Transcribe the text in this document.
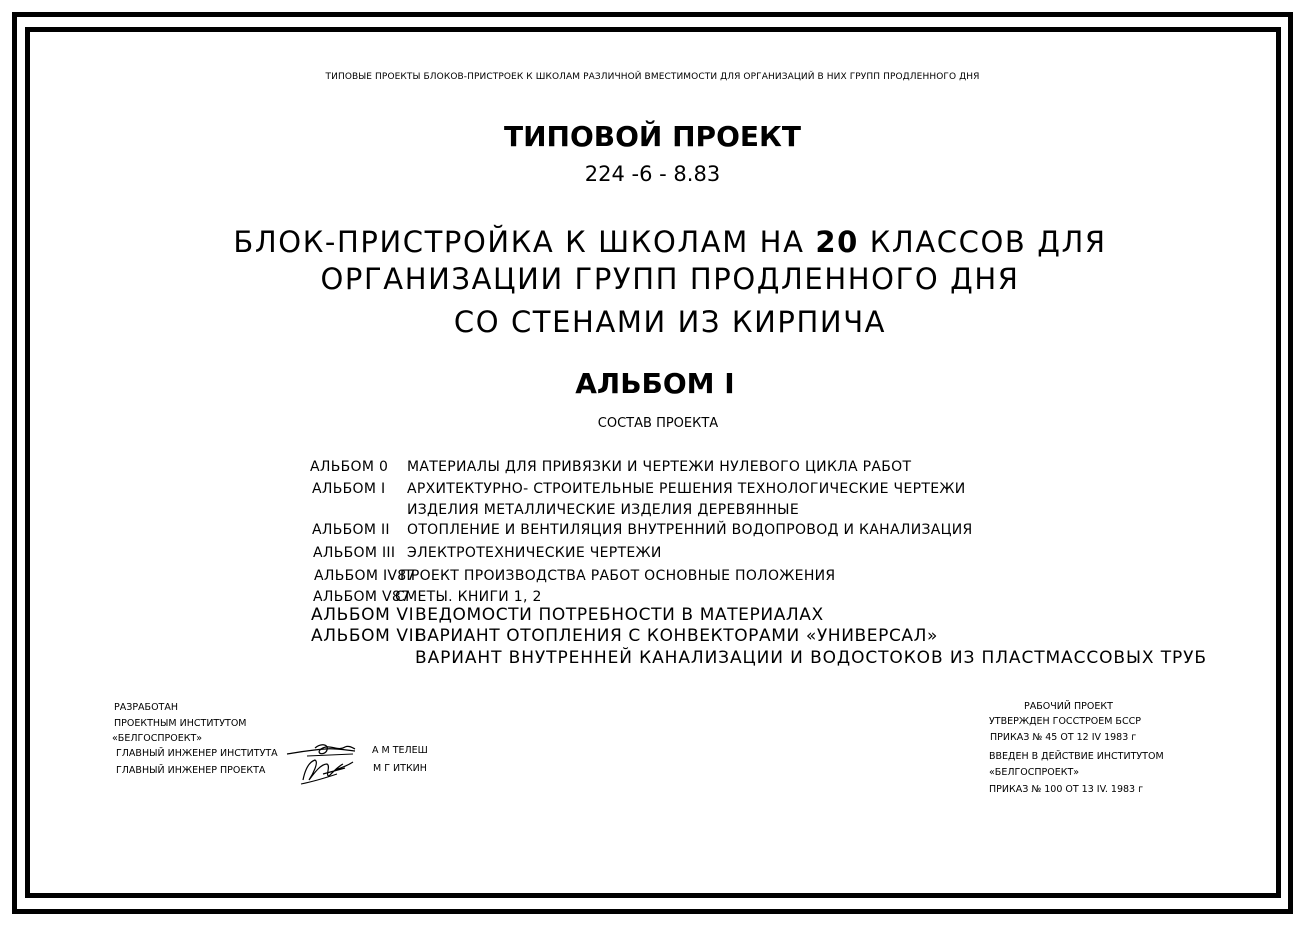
ТИПОВЫЕ ПРОЕКТЫ БЛОКОВ-ПРИСТРОЕК К ШКОЛАМ РАЗЛИЧНОЙ ВМЕСТИМОСТИ ДЛЯ ОРГАНИЗАЦИЙ В НИХ ГРУПП ПРОДЛЕННОГО ДНЯ
ТИПОВОЙ ПРОЕКТ
224 -6 - 8.83
БЛОК-ПРИСТРОЙКА К ШКОЛАМ НА 20 КЛАССОВ ДЛЯ
ОРГАНИЗАЦИИ ГРУПП ПРОДЛЕННОГО ДНЯ
СО СТЕНАМИ ИЗ КИРПИЧА
АЛЬБОМ I
СОСТАВ ПРОЕКТА
АЛЬБОМ 0 МАТЕРИАЛЫ ДЛЯ ПРИВЯЗКИ И ЧЕРТЕЖИ НУЛЕВОГО ЦИКЛА РАБОТ
АЛЬБОМ I АРХИТЕКТУРНО- СТРОИТЕЛЬНЫЕ РЕШЕНИЯ ТЕХНОЛОГИЧЕСКИЕ ЧЕРТЕЖИ
ИЗДЕЛИЯ МЕТАЛЛИЧЕСКИЕ ИЗДЕЛИЯ ДЕРЕВЯННЫЕ
АЛЬБОМ II ОТОПЛЕНИЕ И ВЕНТИЛЯЦИЯ ВНУТРЕННИЙ ВОДОПРОВОД И КАНАЛИЗАЦИЯ
АЛЬБОМ III ЭЛЕКТРОТЕХНИЧЕСКИЕ ЧЕРТЕЖИ
АЛЬБОМ IV87
ПРОЕКТ ПРОИЗВОДСТВА РАБОТ ОСНОВНЫЕ ПОЛОЖЕНИЯ
АЛЬБОМ V87
СМЕТЫ. КНИГИ 1, 2
АЛЬБОМ VI ВЕДОМОСТИ ПОТРЕБНОСТИ В МАТЕРИАЛАХ
АЛЬБОМ VII
ВАРИАНТ ОТОПЛЕНИЯ С КОНВЕКТОРАМИ «УНИВЕРСАЛ»
ВАРИАНТ ВНУТРЕННЕЙ КАНАЛИЗАЦИИ И ВОДОСТОКОВ ИЗ ПЛАСТМАССОВЫХ ТРУБ
РАЗРАБОТАН
ПРОЕКТНЫМ ИНСТИТУТОМ
«БЕЛГОСПРОЕКТ»
ГЛАВНЫЙ ИНЖЕНЕР ИНСТИТУТА
ГЛАВНЫЙ ИНЖЕНЕР ПРОЕКТА
А М ТЕЛЕШ
М Г ИТКИН
РАБОЧИЙ ПРОЕКТ
УТВЕРЖДЕН ГОССТРОЕМ БССР
ПРИКАЗ № 45 ОТ 12 IV 1983 г
ВВЕДЕН В ДЕЙСТВИЕ ИНСТИТУТОМ
«БЕЛГОСПРОЕКТ»
ПРИКАЗ № 100 ОТ 13 IV. 1983 г
